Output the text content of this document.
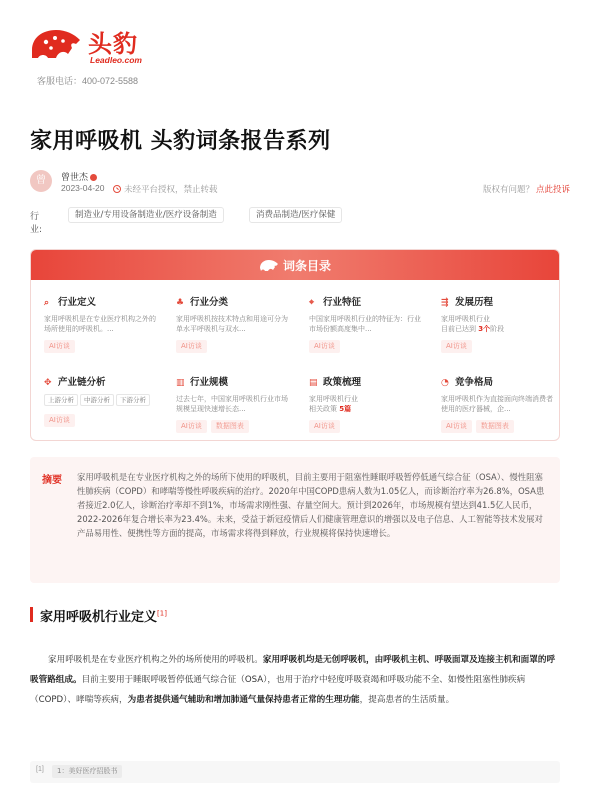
头豹
Leadleo.com
客服电话：400-072-5588
家用呼吸机 头豹词条报告系列
曾	曾世杰
2023-04-20	未经平台授权，禁止转载	版权有问题？ 点此投诉
行业:
制造业/专用设备制造业/医疗设备制造	消费品制造/医疗保健
词条目录
⌕ 行业定义
家用呼吸机是在专业医疗机构之外的场所使用的呼吸机。...
AI访谈
♣ 行业分类
家用呼吸机按技术特点和用途可分为单水平呼吸机与双水...
AI访谈
⌖ 行业特征
中国家用呼吸机行业的特征为：行业市场份额高度集中...
AI访谈
⇶ 发展历程
家用呼吸机行业
目前已达到 3个阶段
AI访谈
✥ 产业链分析
上游分析 中游分析 下游分析
AI访谈
▥ 行业规模
过去七年，中国家用呼吸机行业市场规模呈现快速增长态...
AI访谈 数据图表
▤ 政策梳理
家用呼吸机行业
相关政策 5篇
AI访谈
◔ 竞争格局
家用呼吸机作为直接面向终端消费者使用的医疗器械，企...
AI访谈 数据图表
摘要 家用呼吸机是在专业医疗机构之外的场所下使用的呼吸机，目前主要用于阻塞性睡眠呼吸暂停低通气综合征（OSA）、慢性阻塞性肺疾病（COPD）和哮喘等慢性呼吸疾病的治疗。2020年中国COPD患病人数为1.05亿人，而诊断治疗率为26.8%，OSA患者接近2.0亿人，诊断治疗率却不到1%，市场需求刚性强、存量空间大。预计到2026年，市场规模有望达到41.5亿人民币，2022-2026年复合增长率为23.4%。未来，受益于新冠疫情后人们健康管理意识的增强以及电子信息、人工智能等技术发展对产品易用性、便携性等方面的提高，市场需求将得到释放，行业规模将保持快速增长。
家用呼吸机行业定义[1]

家用呼吸机是在专业医疗机构之外的场所使用的呼吸机。家用呼吸机均是无创呼吸机，由呼吸机主机、呼吸面罩及连接主机和面罩的呼吸管路组成。目前主要用于睡眠呼吸暂停低通气综合征（OSA），也用于治疗中轻度呼吸衰竭和呼吸功能不全、如慢性阻塞性肺疾病（COPD）、哮喘等疾病，为患者提供通气辅助和增加肺通气量保持患者正常的生理功能，提高患者的生活质量。

[1]	1：美好医疗招股书
